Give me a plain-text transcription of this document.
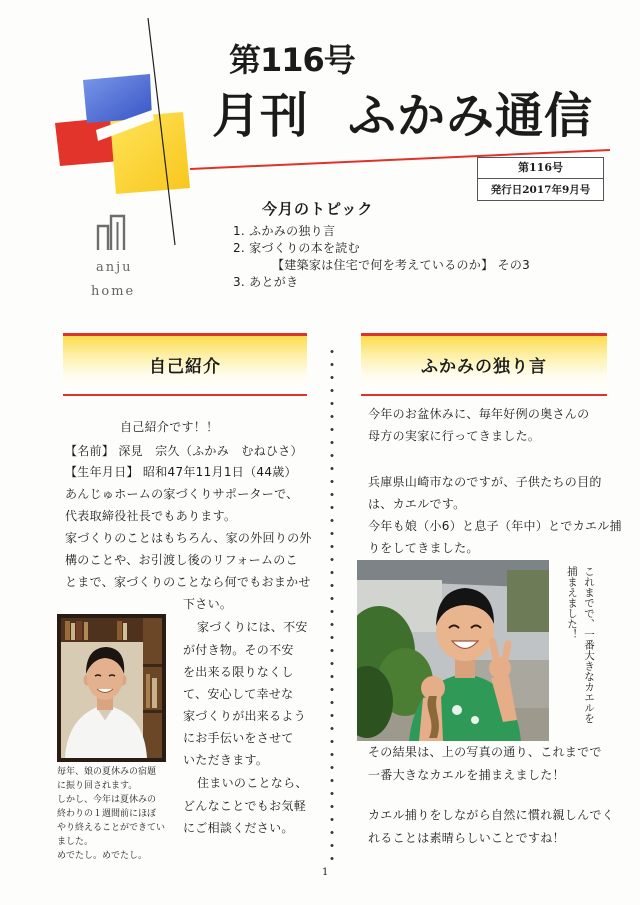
第116号
月刊 ふかみ通信
第116号
発行日2017年9月号
anju
home
今月のトピック
1. ふかみの独り言
2. 家づくりの本を読む
【建築家は住宅で何を考えているのか】 その3
3. あとがき
自己紹介	ふかみの独り言
自己紹介です！！
【名前】 深見　宗久（ふかみ　むねひさ）
【生年月日】 昭和47年11月1日（44歳）
あんじゅホームの家づくりサポーターで、
代表取締役社長でもあります。
家づくりのことはもちろん、家の外回りの外
構のことや、お引渡し後のリフォームのこ
とまで、家づくりのことなら何でもおまかせ
下さい。
家づくりには、不安
が付き物。その不安
を出来る限りなくし
て、安心して幸せな
家づくりが出来るよう
にお手伝いをさせて
いただきます。
住まいのことなら、
どんなことでもお気軽
にご相談ください。
毎年、娘の夏休みの宿題
に振り回されます。
しかし、今年は夏休みの
終わりの１週間前にほぼ
やり終えることができてい
ました。
めでたし。めでたし。
今年のお盆休みに、毎年好例の奥さんの
母方の実家に行ってきました。
兵庫県山崎市なのですが、子供たちの目的
は、カエルです。
今年も娘（小6）と息子（年中）とでカエル捕
りをしてきました。
これまでで、一番大きなカエルを
捕まえました！
その結果は、上の写真の通り、これまでで
一番大きなカエルを捕まえました！
カエル捕りをしながら自然に慣れ親しんでく
れることは素晴らしいことですね！
1
